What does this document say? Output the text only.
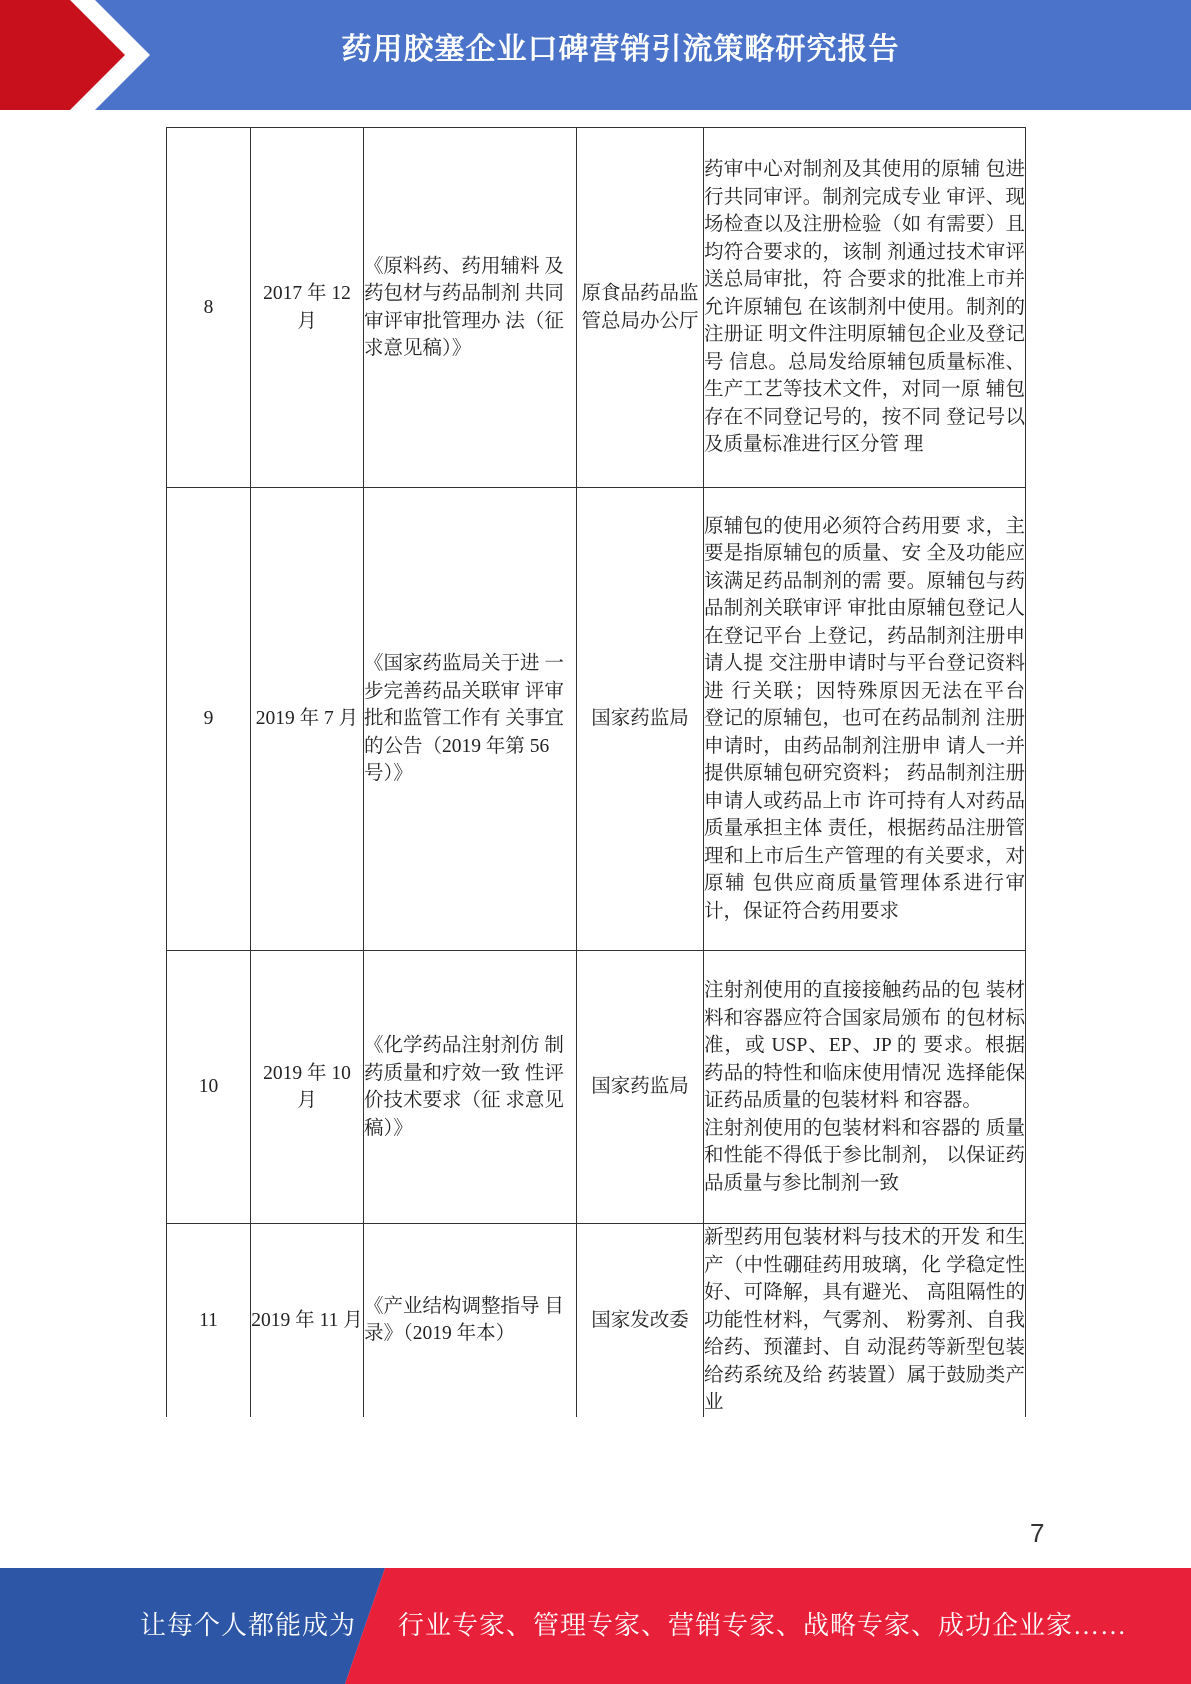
药用胶塞企业口碑营销引流策略研究报告
8	2017 年 12 月	《原料药、药用辅料 及药包材与药品制剂 共同审评审批管理办 法（征求意见稿）》	原食品药品监管总局办公厅	药审中心对制剂及其使用的原辅 包进行共同审评。制剂完成专业 审评、现场检查以及注册检验（如 有需要）且均符合要求的，该制 剂通过技术审评送总局审批，符 合要求的批准上市并允许原辅包 在该制剂中使用。制剂的注册证 明文件注明原辅包企业及登记号 信息。总局发给原辅包质量标准、 生产工艺等技术文件，对同一原 辅包存在不同登记号的，按不同 登记号以及质量标准进行区分管 理
9	2019 年 7 月	《国家药监局关于进 一步完善药品关联审 评审批和监管工作有 关事宜的公告（2019 年第 56 号）》	国家药监局	原辅包的使用必须符合药用要 求，主要是指原辅包的质量、安 全及功能应该满足药品制剂的需 要。原辅包与药品制剂关联审评 审批由原辅包登记人在登记平台 上登记，药品制剂注册申请人提 交注册申请时与平台登记资料进 行关联；因特殊原因无法在平台 登记的原辅包，也可在药品制剂 注册申请时，由药品制剂注册申 请人一并提供原辅包研究资料； 药品制剂注册申请人或药品上市 许可持有人对药品质量承担主体 责任，根据药品注册管理和上市后生产管理的有关要求，对原辅 包供应商质量管理体系进行审 计，保证符合药用要求
10	2019 年 10 月	《化学药品注射剂仿 制药质量和疗效一致 性评价技术要求（征 求意见稿）》	国家药监局	注射剂使用的直接接触药品的包 装材料和容器应符合国家局颁布 的包材标准，或 USP、EP、JP 的 要求。根据药品的特性和临床使用情况 选择能保证药品质量的包装材料 和容器。
注射剂使用的包装材料和容器的 质量和性能不得低于参比制剂， 以保证药品质量与参比制剂一致

11	2019 年 11 月	《产业结构调整指导 目录》（2019 年本）	国家发改委	新型药用包装材料与技术的开发 和生产（中性硼硅药用玻璃，化 学稳定性好、可降解，具有避光、 高阻隔性的功能性材料，气雾剂、 粉雾剂、自我给药、预灌封、自 动混药等新型包装给药系统及给 药装置）属于鼓励类产业
7
让每个人都能成为 行业专家、管理专家、营销专家、战略专家、成功企业家……
